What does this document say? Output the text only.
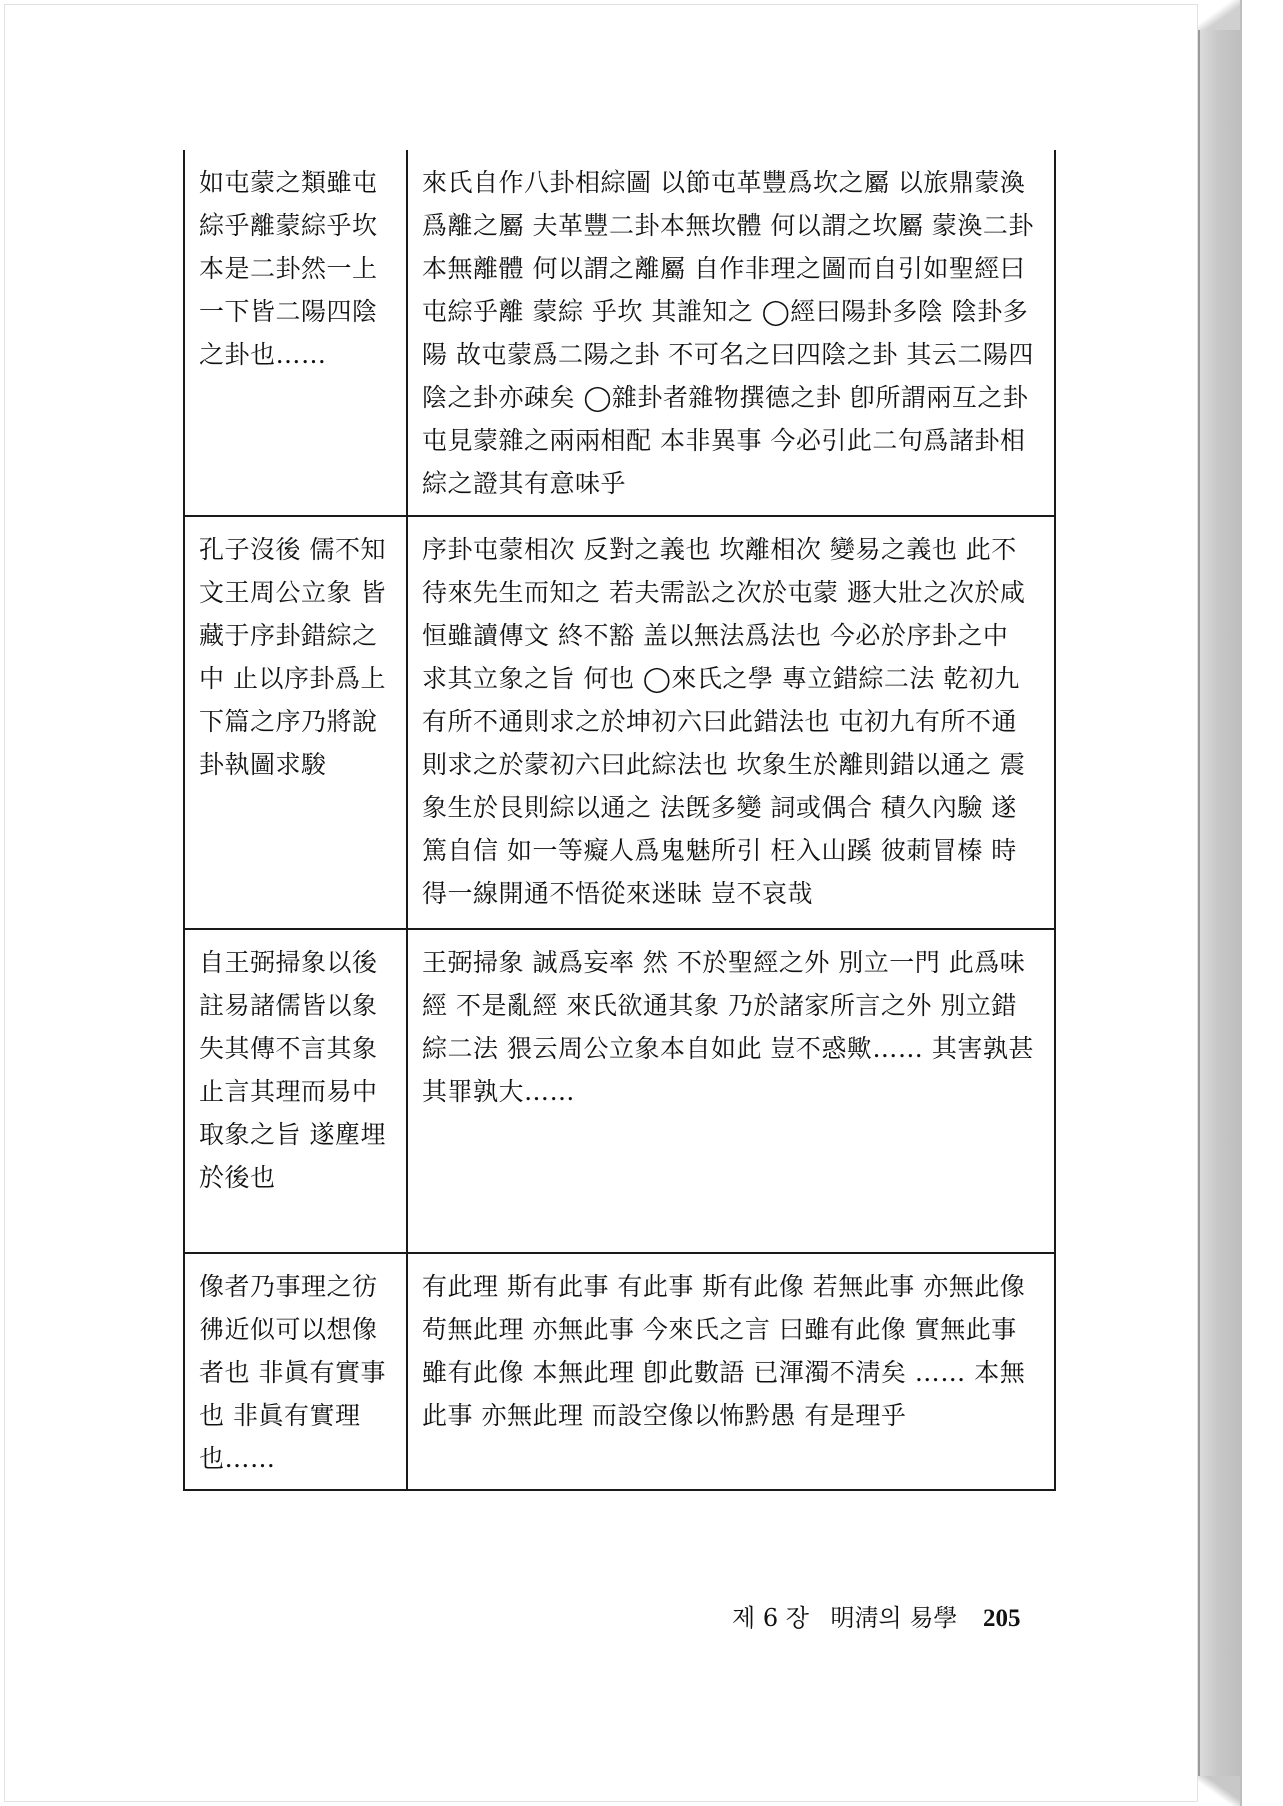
如屯蒙之類雖屯綜乎離蒙綜乎坎 本是二卦然一上一下皆二陽四陰之卦也……	來氏自作八卦相綜圖 以節屯革豐爲坎之屬 以旅鼎蒙渙爲離之屬 夫革豐二卦本無坎體 何以謂之坎屬 蒙渙二卦本無離體 何以謂之離屬 自作非理之圖而自引如聖經曰屯綜乎離 蒙綜 乎坎 其誰知之 ◯經曰陽卦多陰 陰卦多陽 故屯蒙爲二陽之卦 不可名之曰四陰之卦 其云二陽四陰之卦亦疎矣 ◯雜卦者雜物撰德之卦 卽所謂兩互之卦 屯見蒙雜之兩兩相配 本非異事 今必引此二句爲諸卦相綜之證其有意味乎
孔子沒後 儒不知文王周公立象 皆藏于序卦錯綜之中 止以序卦爲上下篇之序乃將說卦執圖求駿	序卦屯蒙相次 反對之義也 坎離相次 變易之義也 此不待來先生而知之 若夫需訟之次於屯蒙 遯大壯之次於咸恒雖讀傳文 終不豁 盖以無法爲法也 今必於序卦之中 求其立象之旨 何也 ◯來氏之學 專立錯綜二法 乾初九有所不通則求之於坤初六曰此錯法也 屯初九有所不通則求之於蒙初六曰此綜法也 坎象生於離則錯以通之 震象生於艮則綜以通之 法旣多變 詞或偶合 積久內驗 遂篤自信 如一等癡人爲鬼魅所引 枉入山蹊 彼莿冒榛 時 得一線開通不悟從來迷昧 豈不哀哉
自王弼掃象以後 註易諸儒皆以象失其傳不言其象 止言其理而易中取象之旨 遂塵埋於後也	王弼掃象 誠爲妄率 然 不於聖經之外 別立一門 此爲味經 不是亂經 來氏欲通其象 乃於諸家所言之外 別立錯綜二法 猥云周公立象本自如此 豈不惑歟…… 其害孰甚 其罪孰大……
像者乃事理之彷彿近似可以想像者也 非眞有實事也 非眞有實理也……	有此理 斯有此事 有此事 斯有此像 若無此事 亦無此像苟無此理 亦無此事 今來氏之言 曰雖有此像 實無此事雖有此像 本無此理 卽此數語 已渾濁不淸矣 …… 本無此事 亦無此理 而設空像以怖黔愚 有是理乎
제 6 장 明淸의 易學 205
